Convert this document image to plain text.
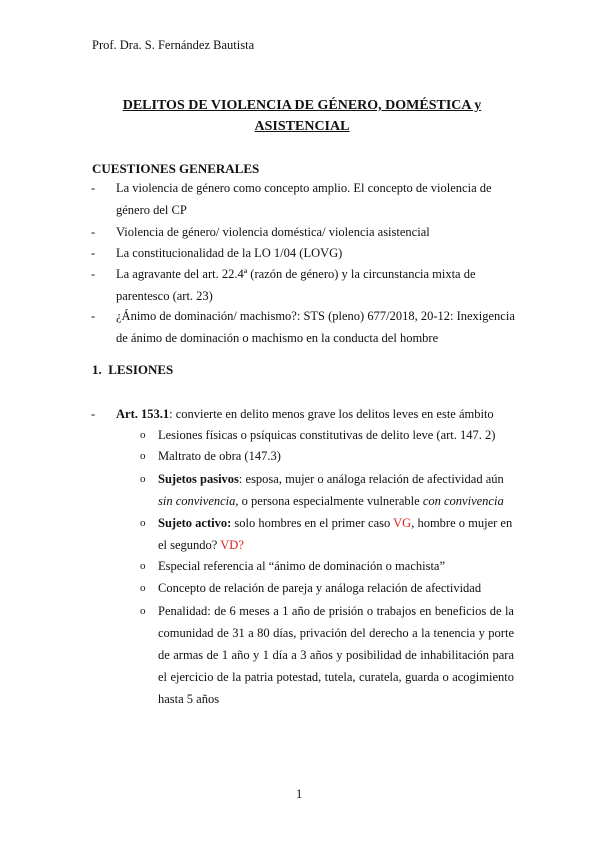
Prof. Dra. S. Fernández Bautista
DELITOS DE VIOLENCIA DE GÉNERO, DOMÉSTICA y
ASISTENCIAL
CUESTIONES GENERALES
- La violencia de género como concepto amplio. El concepto de violencia de género del CP
- Violencia de género/ violencia doméstica/ violencia asistencial
- La constitucionalidad de la LO 1/04 (LOVG)
- La agravante del art. 22.4ª (razón de género) y la circunstancia mixta de parentesco (art. 23)
- ¿Ánimo de dominación/ machismo?: STS (pleno) 677/2018, 20-12: Inexigencia de ánimo de dominación o machismo en la conducta del hombre
1. LESIONES
- Art. 153.1: convierte en delito menos grave los delitos leves en este ámbito
o Lesiones físicas o psíquicas constitutivas de delito leve (art. 147. 2)
o Maltrato de obra (147.3)
o Sujetos pasivos: esposa, mujer o análoga relación de afectividad aún sin convivencia, o persona especialmente vulnerable con convivencia
o Sujeto activo: solo hombres en el primer caso VG, hombre o mujer en el segundo? VD?
o Especial referencia al “ánimo de dominación o machista”
o Concepto de relación de pareja y análoga relación de afectividad
o Penalidad: de 6 meses a 1 año de prisión o trabajos en beneficios de la comunidad de 31 a 80 días, privación del derecho a la tenencia y porte de armas de 1 año y 1 día a 3 años y posibilidad de inhabilitación para el ejercicio de la patria potestad, tutela, curatela, guarda o acogimiento hasta 5 años
1
